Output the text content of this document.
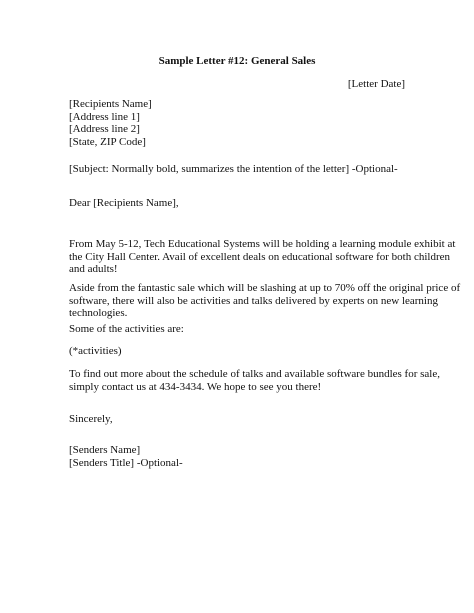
Sample Letter #12: General Sales
[Letter Date]
[Recipients Name]
[Address line 1]
[Address line 2]
[State, ZIP Code]
[Subject: Normally bold, summarizes the intention of the letter] -Optional-
Dear [Recipients Name],
From May 5-12, Tech Educational Systems will be holding a learning module exhibit at
the City Hall Center. Avail of excellent deals on educational software for both children
and adults!
Aside from the fantastic sale which will be slashing at up to 70% off the original price of
software, there will also be activities and talks delivered by experts on new learning
technologies.
Some of the activities are:
(*activities)
To find out more about the schedule of talks and available software bundles for sale,
simply contact us at 434-3434. We hope to see you there!
Sincerely,
[Senders Name]
[Senders Title] -Optional-
